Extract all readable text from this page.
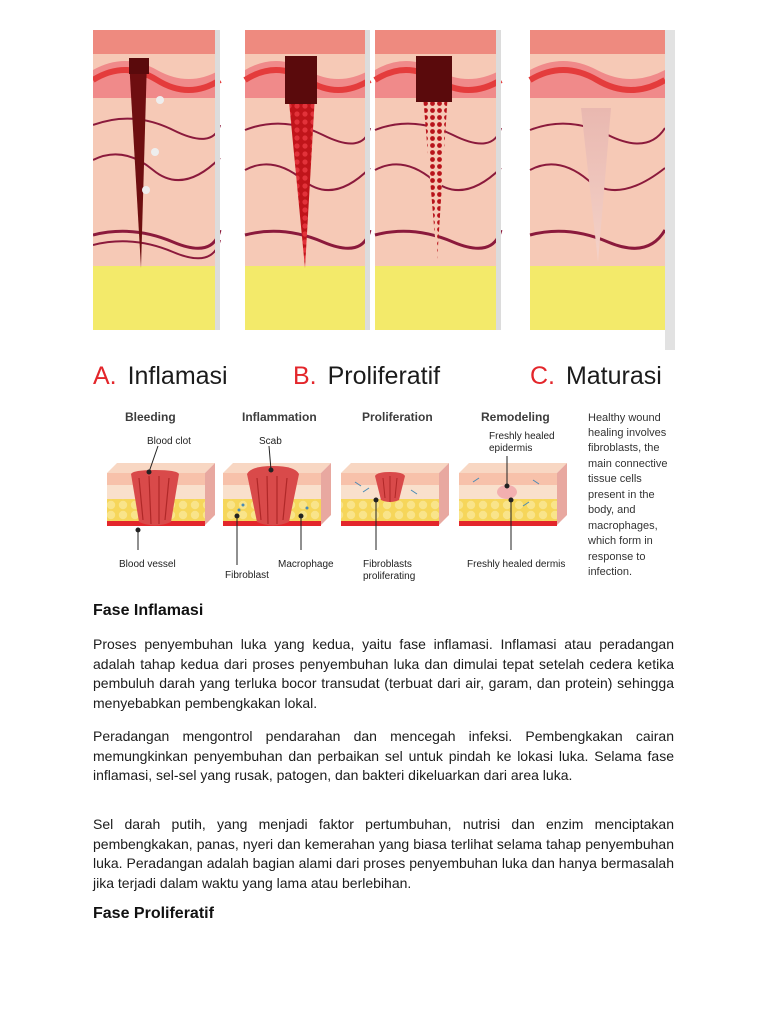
A. Inflamasi	B. Proliferatif	C. Maturasi
Bleeding	Inflammation	Proliferation	Remodeling
Blood clot
Blood vessel
Scab
Fibroblast
Macrophage	Fibroblasts
proliferating
Freshly healed
epidermis
Freshly healed dermis
Healthy wound
healing involves
fibroblasts, the
main connective
tissue cells
present in the
body, and
macrophages,
which form in
response to
infection.
Fase Inflamasi

Proses penyembuhan luka yang kedua, yaitu fase inflamasi. Inflamasi atau peradangan adalah tahap kedua dari proses penyembuhan luka dan dimulai tepat setelah cedera ketika pembuluh darah yang terluka bocor transudat (terbuat dari air, garam, dan protein) sehingga menyebabkan pembengkakan lokal.

Peradangan mengontrol pendarahan dan mencegah infeksi. Pembengkakan cairan memungkinkan penyembuhan dan perbaikan sel untuk pindah ke lokasi luka. Selama fase inflamasi, sel-sel yang rusak, patogen, dan bakteri dikeluarkan dari area luka.

Sel darah putih, yang menjadi faktor pertumbuhan, nutrisi dan enzim menciptakan pembengkakan, panas, nyeri dan kemerahan yang biasa terlihat selama tahap penyembuhan luka. Peradangan adalah bagian alami dari proses penyembuhan luka dan hanya bermasalah jika terjadi dalam waktu yang lama atau berlebihan.

Fase Proliferatif
